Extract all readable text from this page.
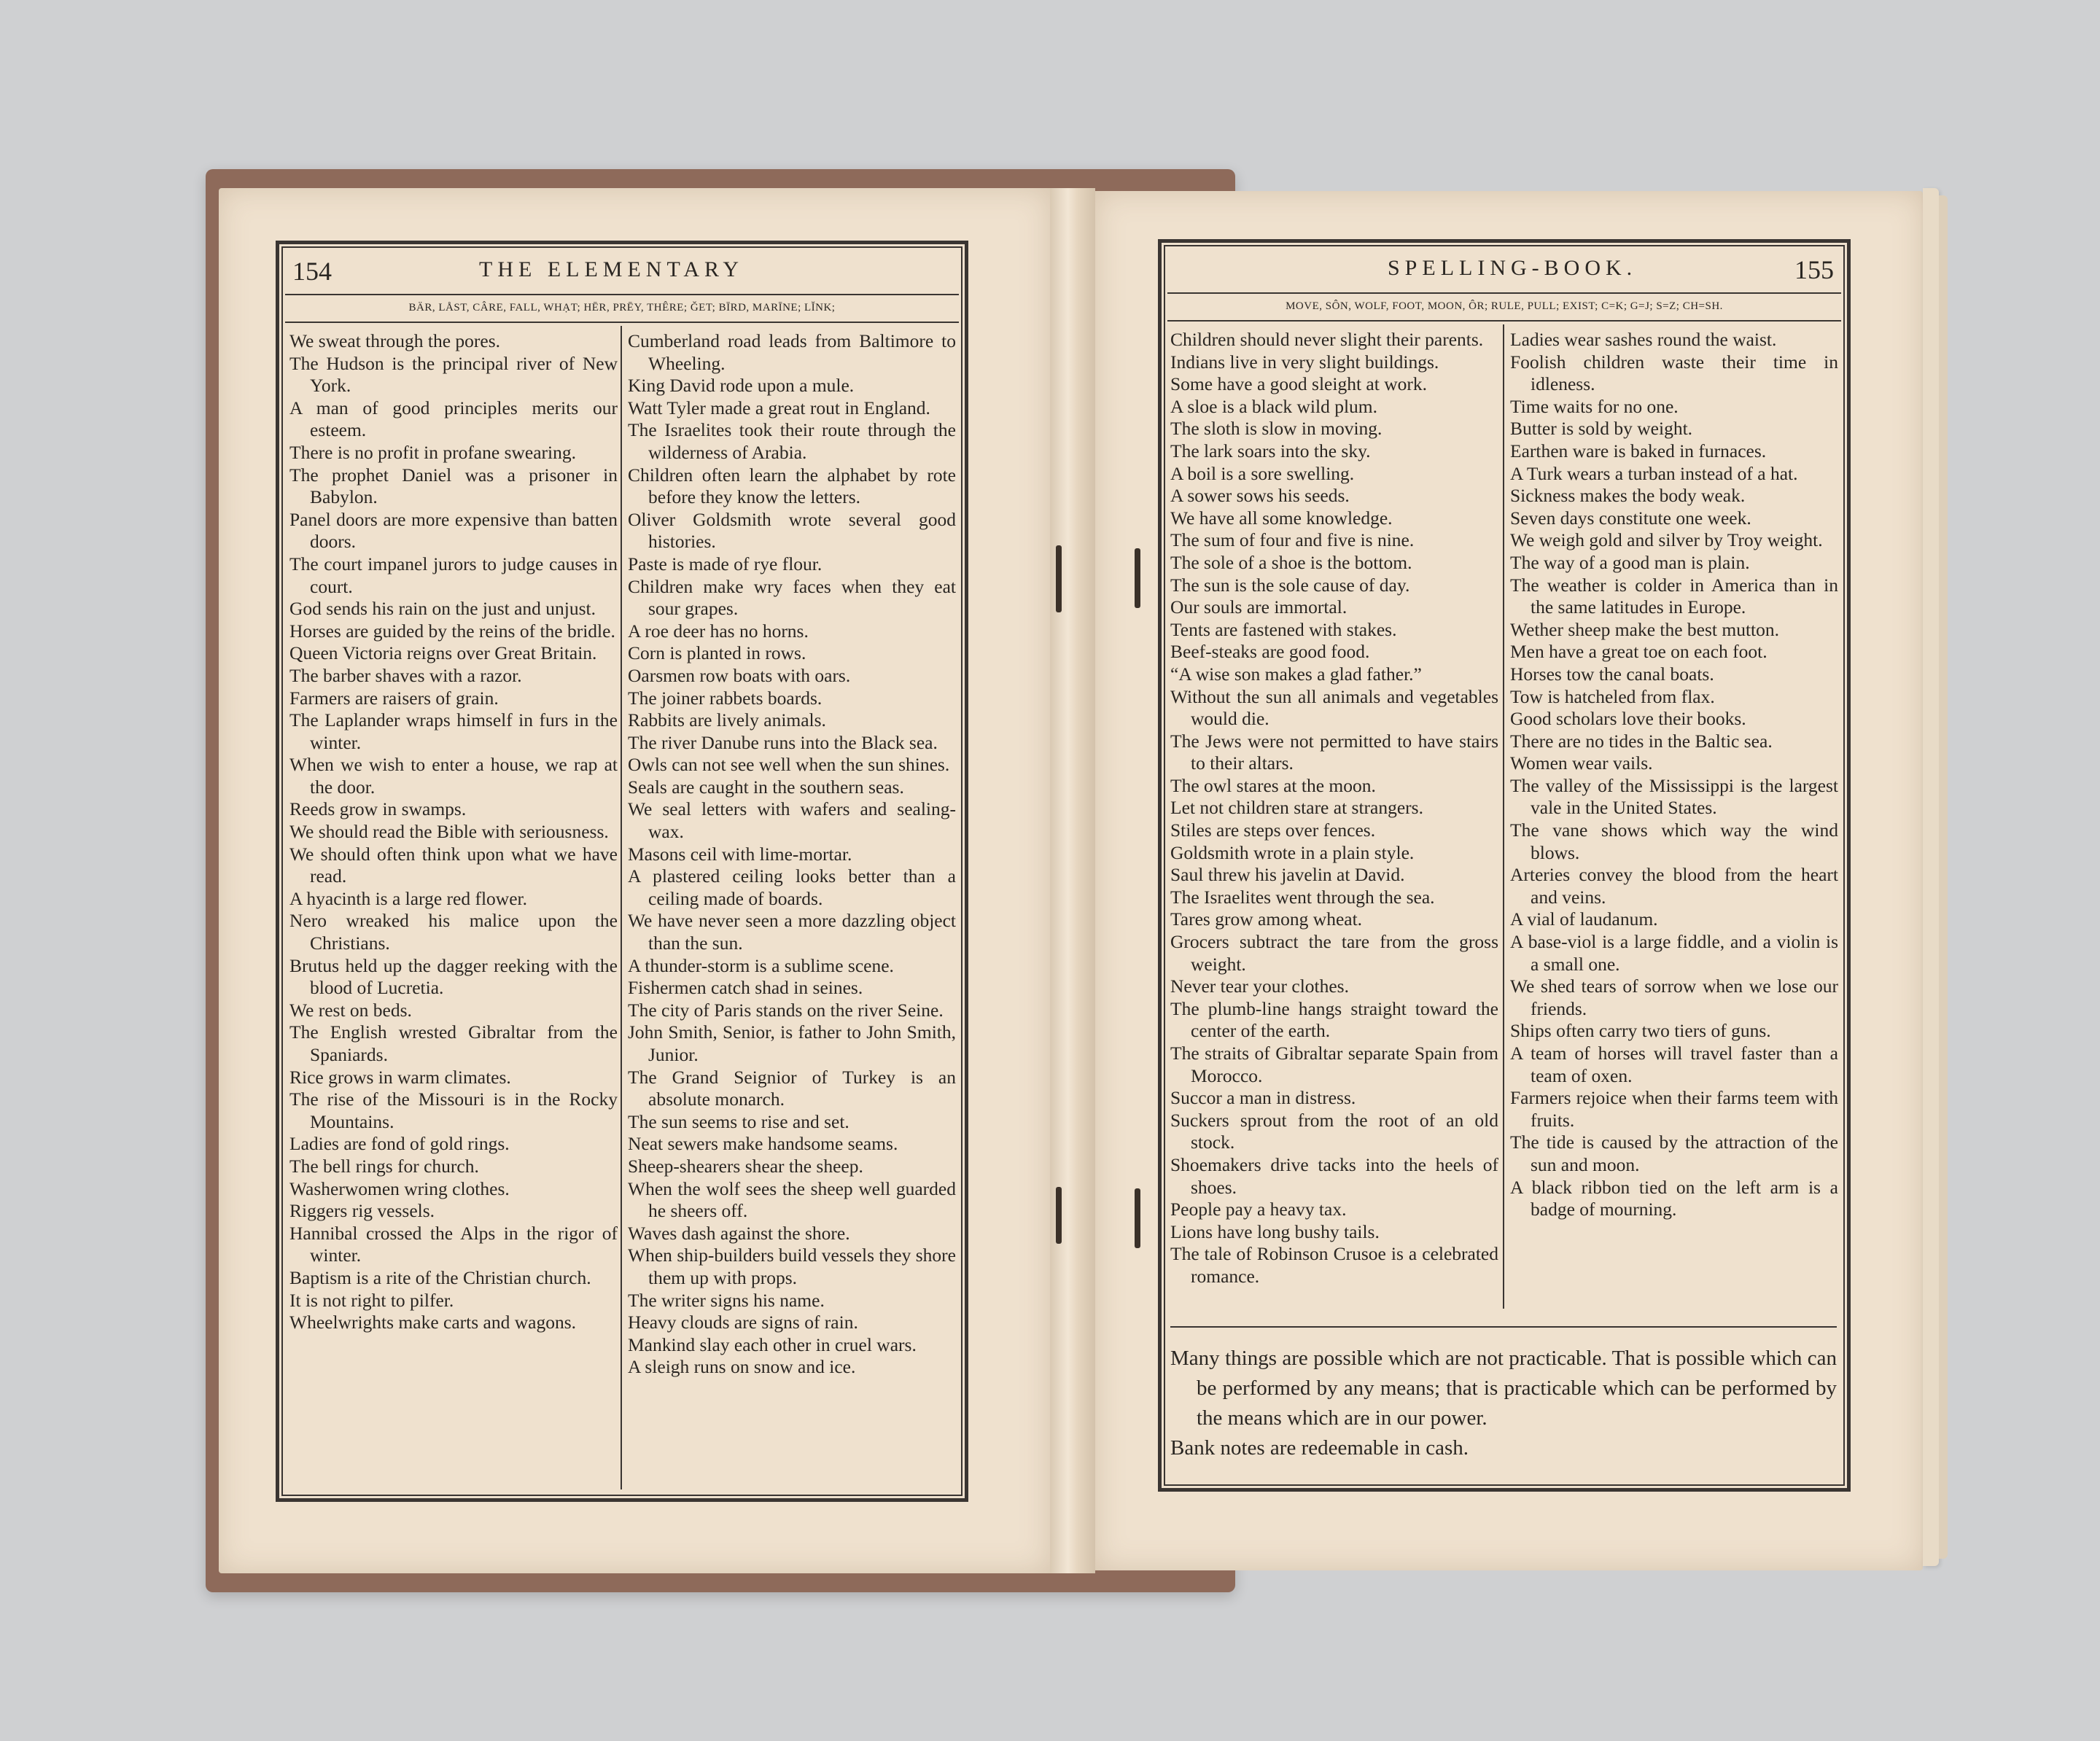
154	THE ELEMENTARY
BÄR, LÅST, CÂRE, FALL, WHẠT; HĒR, PRĒY, THÊRE; ĞET; BĪRD, MARĪNE; LĬNK;

We sweat through the pores.

The Hudson is the principal river of New York.

A man of good principles merits our esteem.

There is no profit in profane swearing.

The prophet Daniel was a prisoner in Babylon.

Panel doors are more expensive than batten doors.

The court impanel jurors to judge causes in court.

God sends his rain on the just and unjust.

Horses are guided by the reins of the bridle.

Queen Victoria reigns over Great Britain.

The barber shaves with a razor.

Farmers are raisers of grain.

The Laplander wraps himself in furs in the winter.

When we wish to enter a house, we rap at the door.

Reeds grow in swamps.

We should read the Bible with seriousness.

We should often think upon what we have read.

A hyacinth is a large red flower.

Nero wreaked his malice upon the Christians.

Brutus held up the dagger reeking with the blood of Lucretia.

We rest on beds.

The English wrested Gibraltar from the Spaniards.

Rice grows in warm climates.

The rise of the Missouri is in the Rocky Mountains.

Ladies are fond of gold rings.

The bell rings for church.

Washerwomen wring clothes.

Riggers rig vessels.

Hannibal crossed the Alps in the rigor of winter.

Baptism is a rite of the Christian church.

It is not right to pilfer.

Wheelwrights make carts and wagons.

Cumberland road leads from Baltimore to Wheeling.

King David rode upon a mule.

Watt Tyler made a great rout in England.

The Israelites took their route through the wilderness of Arabia.

Children often learn the alphabet by rote before they know the letters.

Oliver Goldsmith wrote several good histories.

Paste is made of rye flour.

Children make wry faces when they eat sour grapes.

A roe deer has no horns.

Corn is planted in rows.

Oarsmen row boats with oars.

The joiner rabbets boards.

Rabbits are lively animals.

The river Danube runs into the Black sea.

Owls can not see well when the sun shines.

Seals are caught in the southern seas.

We seal letters with wafers and sealing-wax.

Masons ceil with lime-mortar.

A plastered ceiling looks better than a ceiling made of boards.

We have never seen a more dazzling object than the sun.

A thunder-storm is a sublime scene.

Fishermen catch shad in seines.

The city of Paris stands on the river Seine.

John Smith, Senior, is father to John Smith, Junior.

The Grand Seignior of Turkey is an absolute monarch.

The sun seems to rise and set.

Neat sewers make handsome seams.

Sheep-shearers shear the sheep.

When the wolf sees the sheep well guarded he sheers off.

Waves dash against the shore.

When ship-builders build vessels they shore them up with props.

The writer signs his name.

Heavy clouds are signs of rain.

Mankind slay each other in cruel wars.

A sleigh runs on snow and ice.

SPELLING-BOOK.	155
MOVE, SÔN, WOLF, FOOT, MOON, ÔR; RULE, PULL; EXIST; C=K; G=J; S=Z; CH=SH.

Children should never slight their parents.

Indians live in very slight buildings.

Some have a good sleight at work.

A sloe is a black wild plum.

The sloth is slow in moving.

The lark soars into the sky.

A boil is a sore swelling.

A sower sows his seeds.

We have all some knowledge.

The sum of four and five is nine.

The sole of a shoe is the bottom.

The sun is the sole cause of day.

Our souls are immortal.

Tents are fastened with stakes.

Beef-steaks are good food.

“A wise son makes a glad father.”

Without the sun all animals and vegetables would die.

The Jews were not permitted to have stairs to their altars.

The owl stares at the moon.

Let not children stare at strangers.

Stiles are steps over fences.

Goldsmith wrote in a plain style.

Saul threw his javelin at David.

The Israelites went through the sea.

Tares grow among wheat.

Grocers subtract the tare from the gross weight.

Never tear your clothes.

The plumb-line hangs straight toward the center of the earth.

The straits of Gibraltar separate Spain from Morocco.

Succor a man in distress.

Suckers sprout from the root of an old stock.

Shoemakers drive tacks into the heels of shoes.

People pay a heavy tax.

Lions have long bushy tails.

The tale of Robinson Crusoe is a celebrated romance.

Ladies wear sashes round the waist.

Foolish children waste their time in idleness.

Time waits for no one.

Butter is sold by weight.

Earthen ware is baked in furnaces.

A Turk wears a turban instead of a hat.

Sickness makes the body weak.

Seven days constitute one week.

We weigh gold and silver by Troy weight.

The way of a good man is plain.

The weather is colder in America than in the same latitudes in Europe.

Wether sheep make the best mutton.

Men have a great toe on each foot.

Horses tow the canal boats.

Tow is hatcheled from flax.

Good scholars love their books.

There are no tides in the Baltic sea.

Women wear vails.

The valley of the Mississippi is the largest vale in the United States.

The vane shows which way the wind blows.

Arteries convey the blood from the heart and veins.

A vial of laudanum.

A base-viol is a large fiddle, and a violin is a small one.

We shed tears of sorrow when we lose our friends.

Ships often carry two tiers of guns.

A team of horses will travel faster than a team of oxen.

Farmers rejoice when their farms teem with fruits.

The tide is caused by the attraction of the sun and moon.

A black ribbon tied on the left arm is a badge of mourning.

Many things are possible which are not practicable. That is possible which can be performed by any means; that is practicable which can be performed by the means which are in our power.

Bank notes are redeemable in cash.
